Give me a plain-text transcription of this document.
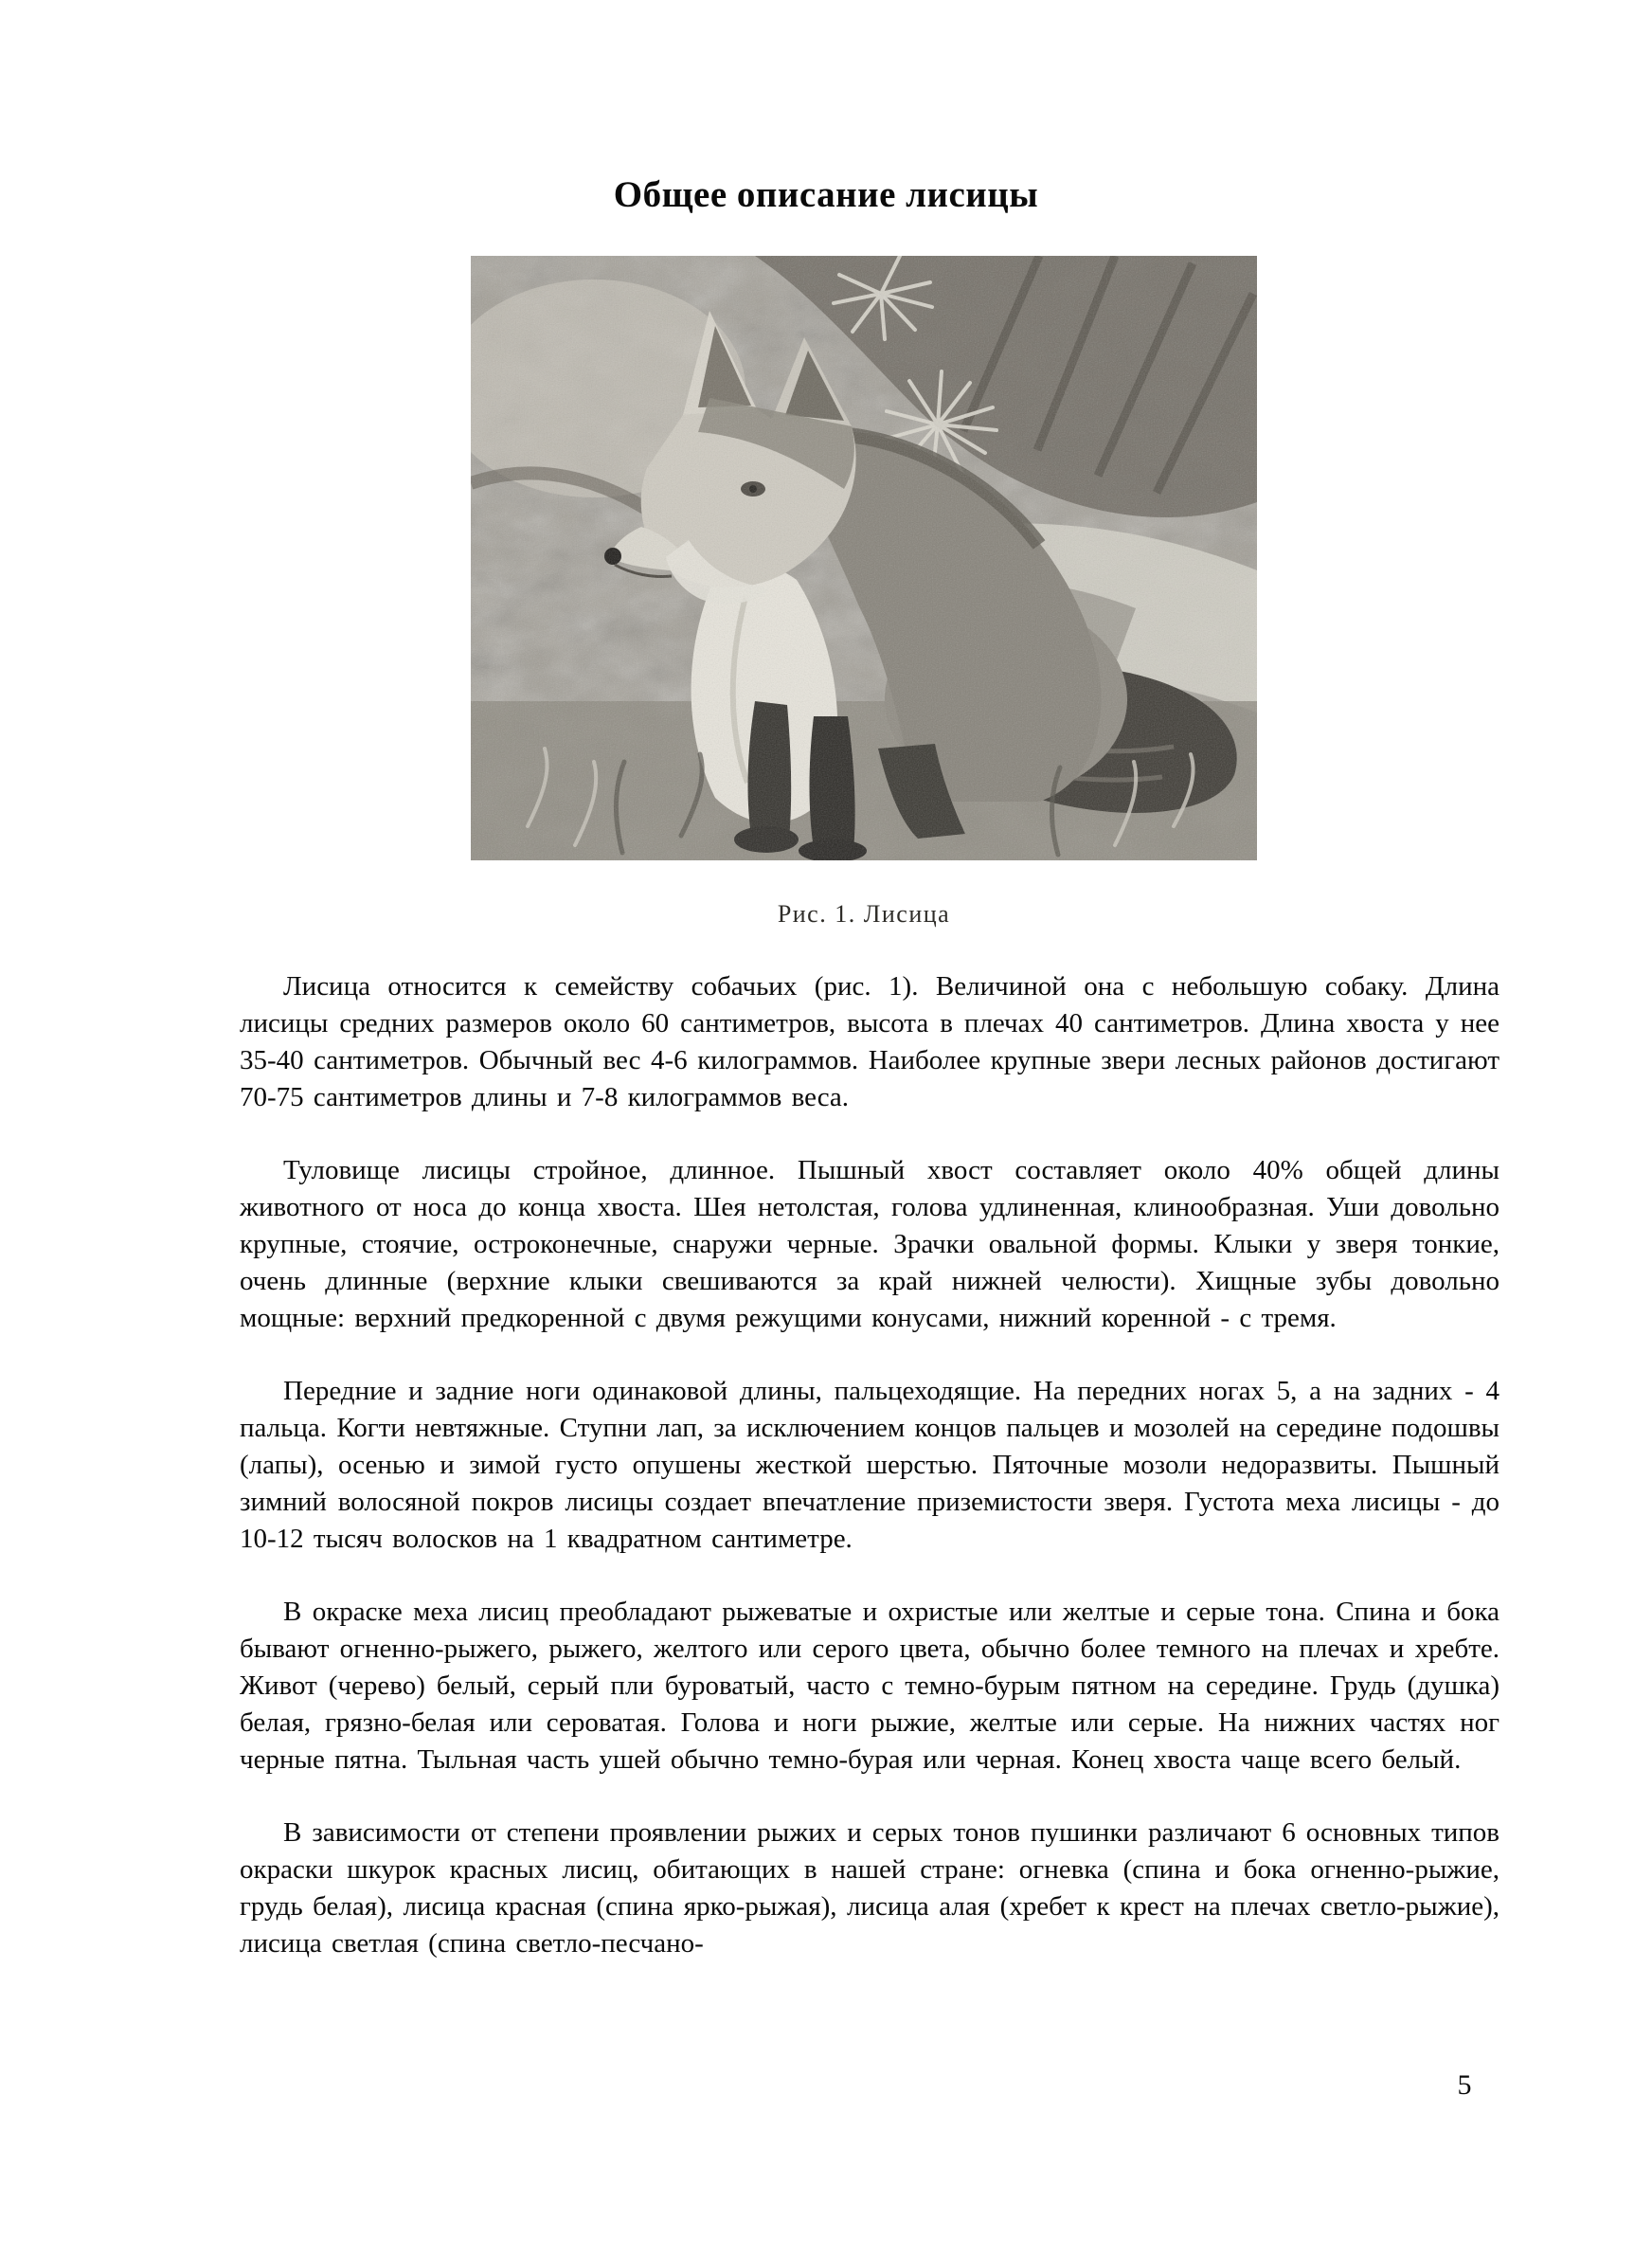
Общее описание лисицы
Рис. 1. Лисица

Лисица относится к семейству собачьих (рис. 1). Величиной она с небольшую собаку. Длина лисицы средних размеров около 60 сантиметров, высота в плечах 40 сантиметров. Длина хвоста у нее 35-40 сантиметров. Обычный вес 4-6 килограммов. Наиболее крупные звери лесных районов достигают 70-75 сантиметров длины и 7-8 килограммов веса.

Туловище лисицы стройное, длинное. Пышный хвост составляет около 40% общей длины животного от носа до конца хвоста. Шея нетолстая, голова удлиненная, клинообразная. Уши довольно крупные, стоячие, остроконечные, снаружи черные. Зрачки овальной формы. Клыки у зверя тонкие, очень длинные (верхние клыки свешиваются за край нижней челюсти). Хищные зубы довольно мощные: верхний предкоренной с двумя режущими конусами, нижний коренной - с тремя.

Передние и задние ноги одинаковой длины, пальцеходящие. На передних ногах 5, а на задних - 4 пальца. Когти невтяжные. Ступни лап, за исключением концов пальцев и мозолей на середине подошвы (лапы), осенью и зимой густо опушены жесткой шерстью. Пяточные мозоли недоразвиты. Пышный зимний волосяной покров лисицы создает впечатление приземистости зверя. Густота меха лисицы - до 10-12 тысяч волосков на 1 квадратном сантиметре.

В окраске меха лисиц преобладают рыжеватые и охристые или желтые и серые тона. Спина и бока бывают огненно-рыжего, рыжего, желтого или серого цвета, обычно более темного на плечах и хребте. Живот (черево) белый, серый пли буроватый, часто с темно-бурым пятном на середине. Грудь (душка) белая, грязно-белая или сероватая. Голова и ноги рыжие, желтые или серые. На нижних частях ног черные пятна. Тыльная часть ушей обычно темно-бурая или черная. Конец хвоста чаще всего белый.

В зависимости от степени проявлении рыжих и серых тонов пушинки различают 6 основных типов окраски шкурок красных лисиц, обитающих в нашей стране: огневка (спина и бока огненно-рыжие, грудь белая), лисица красная (спина ярко-рыжая), лисица алая (хребет к крест на плечах светло-рыжие), лисица светлая (спина светло-песчано-

5
